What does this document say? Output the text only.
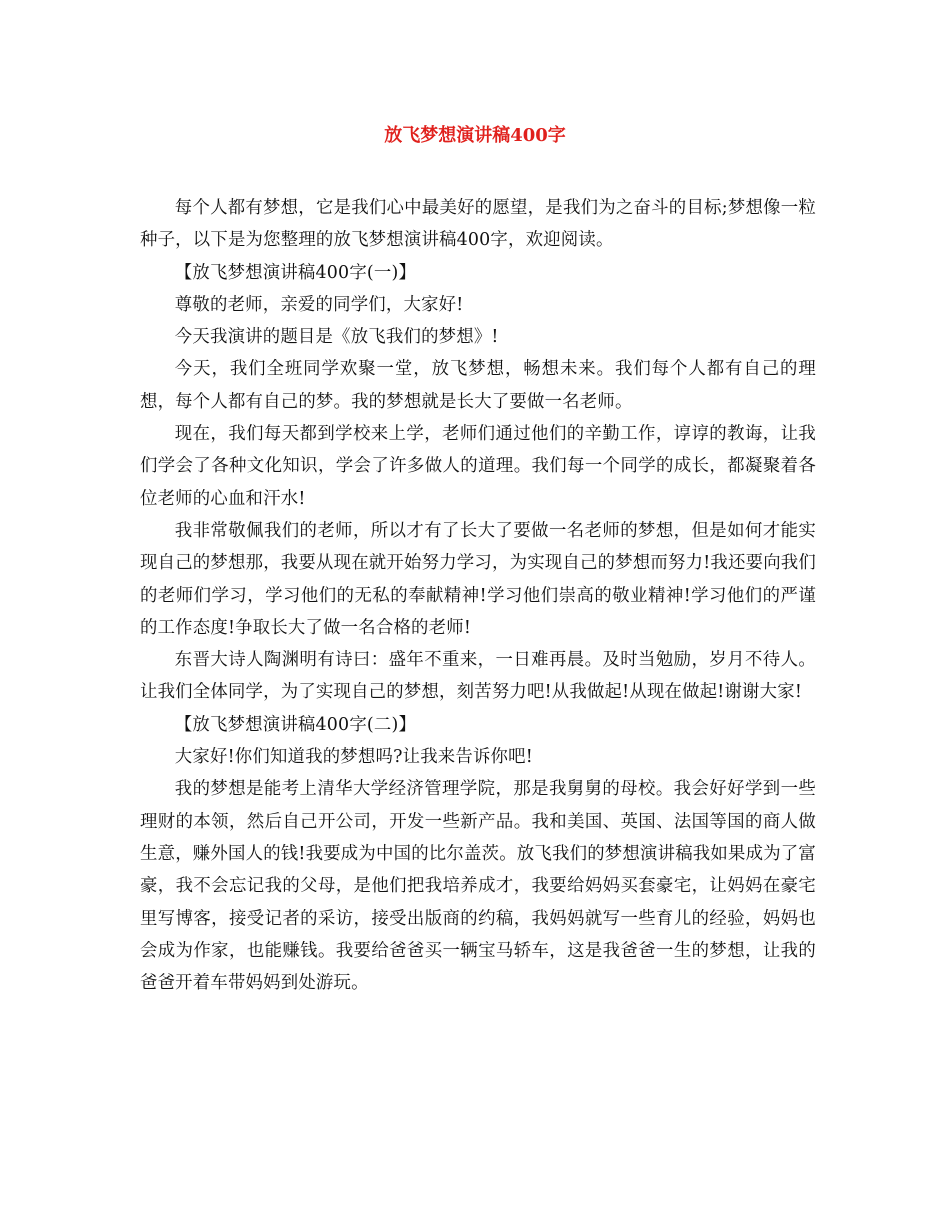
放飞梦想演讲稿400字

每个人都有梦想，它是我们心中最美好的愿望，是我们为之奋斗的目标;梦想像一粒种子，以下是为您整理的放飞梦想演讲稿400字，欢迎阅读。

【放飞梦想演讲稿400字(一)】

尊敬的老师，亲爱的同学们，大家好!

今天我演讲的题目是《放飞我们的梦想》!

今天，我们全班同学欢聚一堂，放飞梦想，畅想未来。我们每个人都有自己的理想，每个人都有自己的梦。我的梦想就是长大了要做一名老师。

现在，我们每天都到学校来上学，老师们通过他们的辛勤工作，谆谆的教诲，让我们学会了各种文化知识，学会了许多做人的道理。我们每一个同学的成长，都凝聚着各位老师的心血和汗水!

我非常敬佩我们的老师，所以才有了长大了要做一名老师的梦想，但是如何才能实现自己的梦想那，我要从现在就开始努力学习，为实现自己的梦想而努力!我还要向我们的老师们学习，学习他们的无私的奉献精神!学习他们崇高的敬业精神!学习他们的严谨的工作态度!争取长大了做一名合格的老师!

东晋大诗人陶渊明有诗曰：盛年不重来，一日难再晨。及时当勉励，岁月不待人。让我们全体同学，为了实现自己的梦想，刻苦努力吧!从我做起!从现在做起!谢谢大家!

【放飞梦想演讲稿400字(二)】

大家好!你们知道我的梦想吗?让我来告诉你吧!

我的梦想是能考上清华大学经济管理学院，那是我舅舅的母校。我会好好学到一些理财的本领，然后自己开公司，开发一些新产品。我和美国、英国、法国等国的商人做生意，赚外国人的钱!我要成为中国的比尔盖茨。放飞我们的梦想演讲稿我如果成为了富豪，我不会忘记我的父母，是他们把我培养成才，我要给妈妈买套豪宅，让妈妈在豪宅里写博客，接受记者的采访，接受出版商的约稿，我妈妈就写一些育儿的经验，妈妈也会成为作家，也能赚钱。我要给爸爸买一辆宝马轿车，这是我爸爸一生的梦想，让我的爸爸开着车带妈妈到处游玩。
